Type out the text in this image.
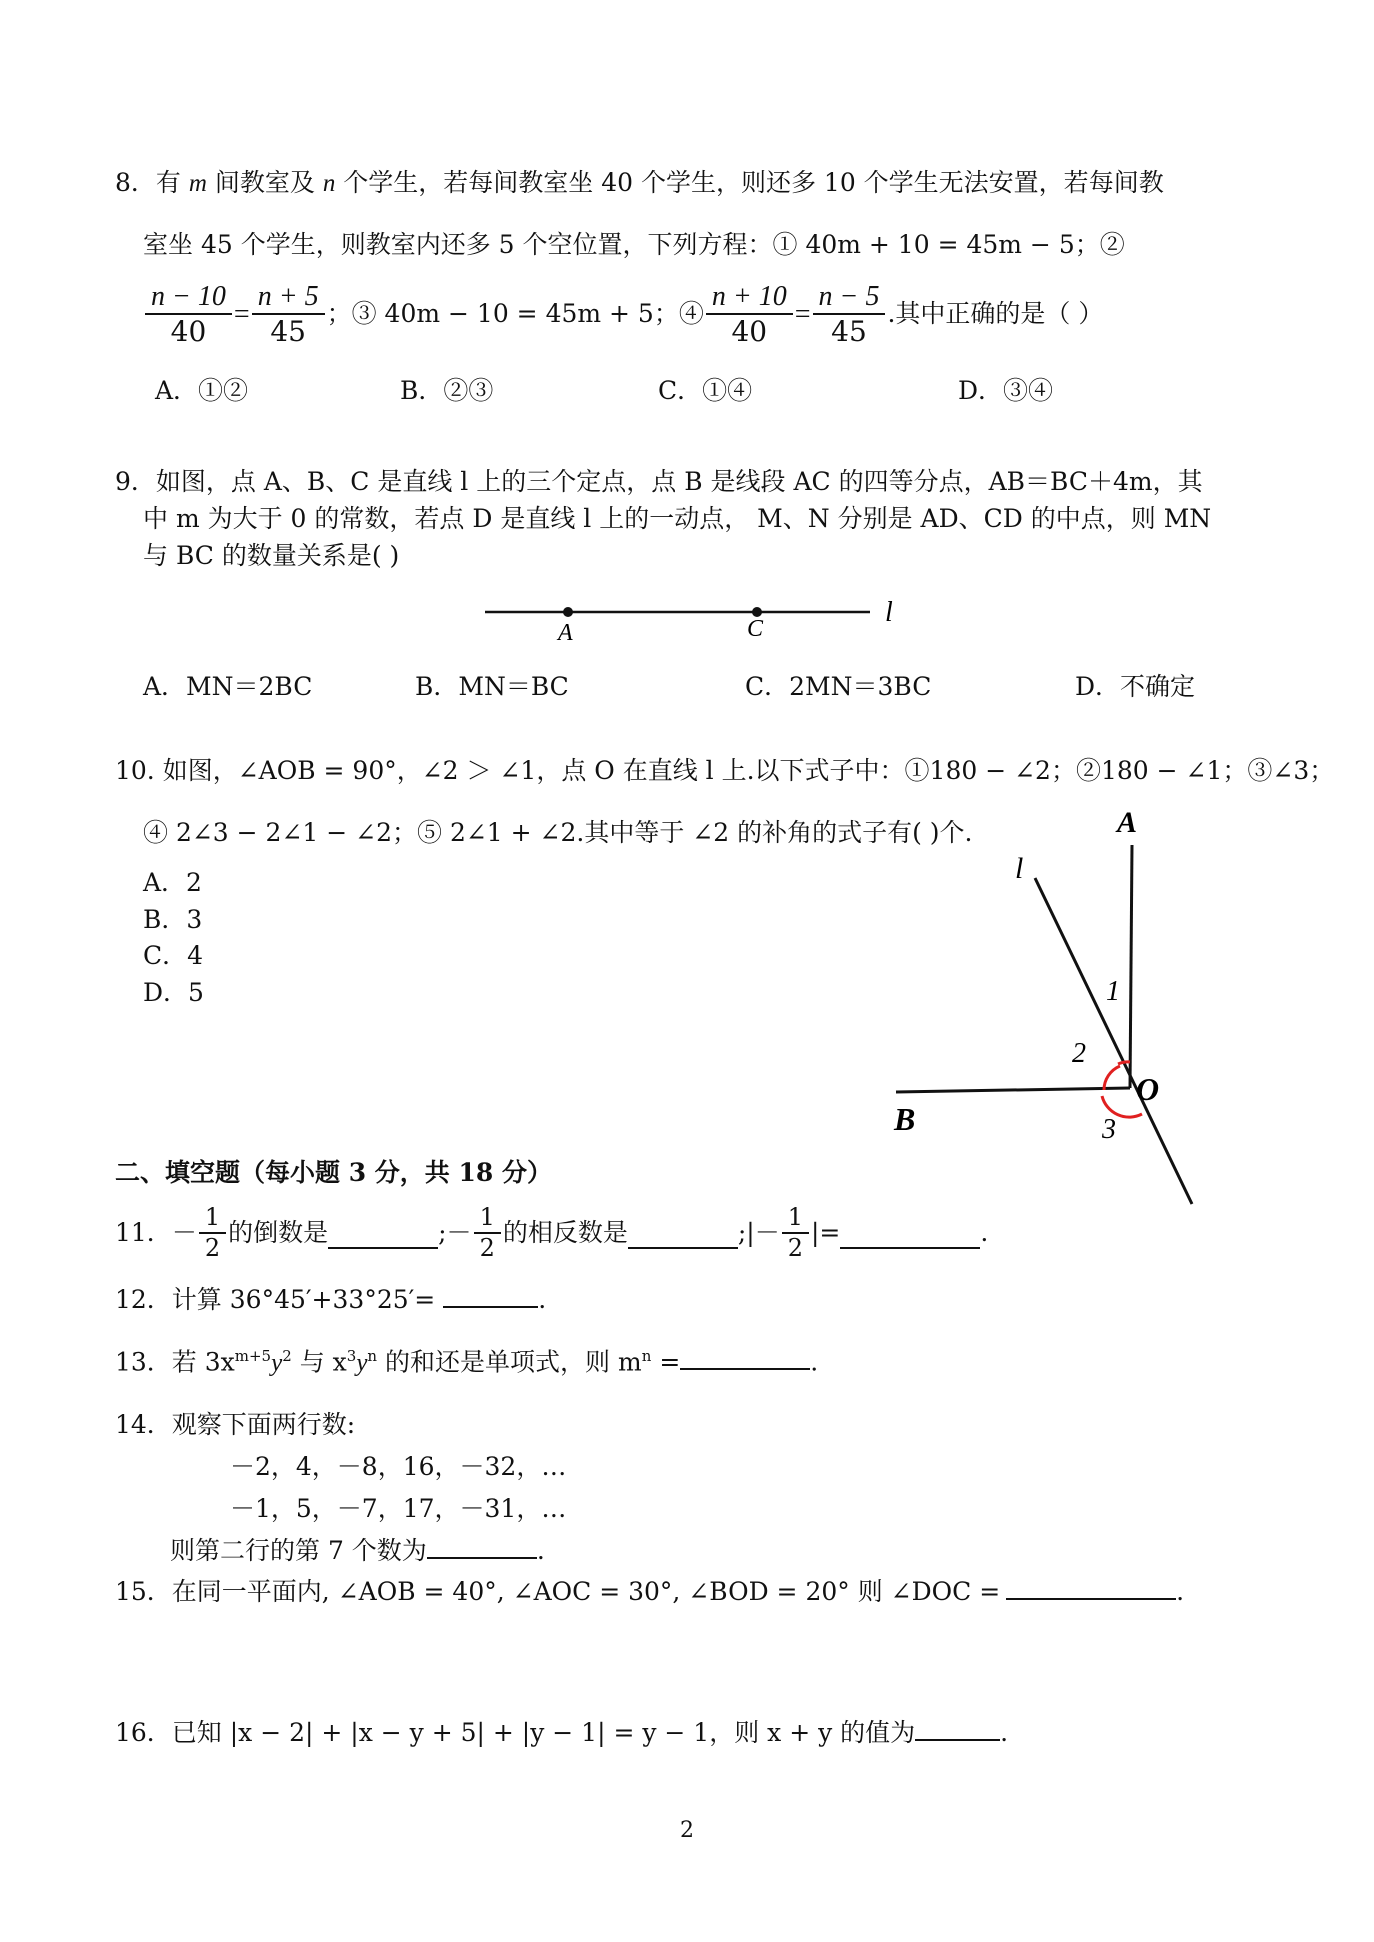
8．有 m 间教室及 n 个学生，若每间教室坐 40 个学生，则还多 10 个学生无法安置，若每间教
室坐 45 个学生，则教室内还多 5 个空位置，下列方程：① 40m + 10 = 45m − 5；②
$\frac{n - 10}{40} = \frac{n + 5}{45}$ ；③ 40m − 10 = 45m + 5；④ $\frac{n + 10}{40} = \frac{n - 5}{45}$ .其中正确的是（ ）
A．①②	B．②③	C．①④	D．③④
9．如图，点 A、B、C 是直线 l 上的三个定点，点 B 是线段 AC 的四等分点，AB＝BC＋4m，其
中 m 为大于 0 的常数，若点 D 是直线 l 上的一动点， M、N 分别是 AD、CD 的中点，则 MN
与 BC 的数量关系是( )
A	C
l
A．MN＝2BC	B．MN＝BC	C．2MN＝3BC	D．不确定
10. 如图，∠AOB = 90°，∠2 ＞ ∠1，点 O 在直线 l 上.以下式子中：①180 − ∠2；②180 − ∠1；③∠3；
④ 2∠3 − 2∠1 − ∠2；⑤ 2∠1 + ∠2.其中等于 ∠2 的补角的式子有( )个.
A．2
B．3
C．4
D．5
A
l
1
2
O
B	3
二、填空题（每小题 3 分，共 18 分）
11． － $\frac{1}{2}$ 的倒数是	;－ $\frac{1}{2}$ 的相反数是	;|－ $\frac{1}{2}$ |=	.
12．计算 36°45′+33°25′=	.
13．若 $3x^{m+5}y^2$ 与 $x^3y^n$ 的和还是单项式，则 $m^n$ =	.
14．观察下面两行数:
－2，4，－8，16，－32，…
－1，5，－7，17，－31，…
则第二行的第 7 个数为	.
15．在同一平面内, ∠AOB = 40°, ∠AOC = 30°, ∠BOD = 20° 则 ∠DOC =	.
16．已知 |x − 2| + |x − y + 5| + |y − 1| = y − 1，则 x + y 的值为	.
2
